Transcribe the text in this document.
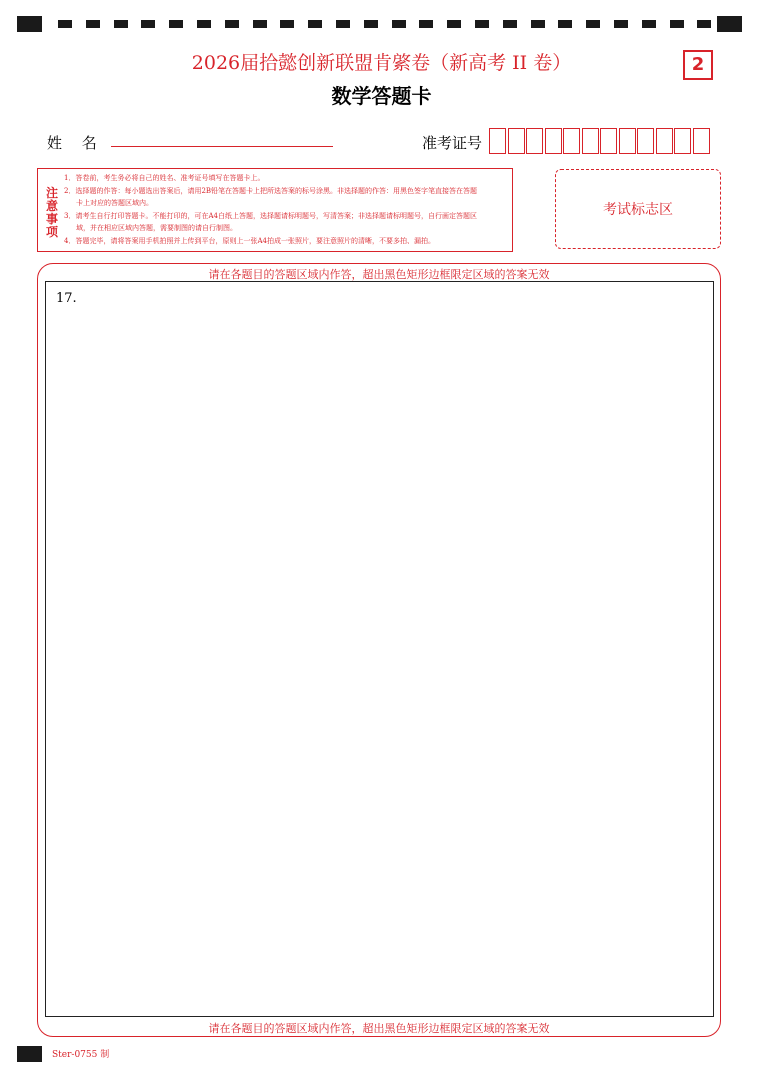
2026届拾懿创新联盟肯綮卷（新高考 II 卷）
数学答题卡
2
姓　 名	准考证号
注意事项
1．答卷前，考生务必将自己的姓名、准考证号填写在答题卡上。
2．选择题的作答：每小题选出答案后，请用2B铅笔在答题卡上把所选答案的标号涂黑。非选择题的作答：用黑色签字笔直接答在答题
卡上对应的答题区域内。
3．请考生自行打印答题卡。不能打印的，可在A4白纸上答题，选择题请标明题号，写清答案；非选择题请标明题号，自行画定答题区
域，并在相应区域内答题，需要制图的请自行制图。
4．答题完毕，请将答案用手机拍照并上传到平台，原则上一张A4拍成一张照片，要注意照片的清晰，不要多拍、漏拍。
考试标志区
请在各题目的答题区域内作答，超出黑色矩形边框限定区域的答案无效
17.
请在各题目的答题区域内作答，超出黑色矩形边框限定区域的答案无效
Ster-0755 制
